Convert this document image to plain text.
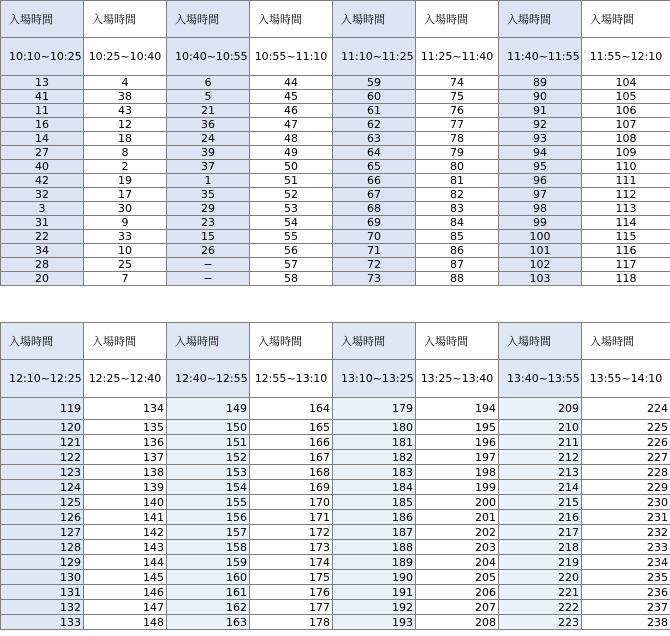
入場時間	入場時間	入場時間	入場時間	入場時間	入場時間	入場時間	入場時間
10:10~10:25	10:25~10:40	10:40~10:55	10:55~11:10	11:10~11:25	11:25~11:40	11:40~11:55	11:55~12:10
13	4	6	44	59	74	89	104
41	38	5	45	60	75	90	105
11	43	21	46	61	76	91	106
16	12	36	47	62	77	92	107
14	18	24	48	63	78	93	108
27	8	39	49	64	79	94	109
40	2	37	50	65	80	95	110
42	19	1	51	66	81	96	111
32	17	35	52	67	82	97	112
3	30	29	53	68	83	98	113
31	9	23	54	69	84	99	114
22	33	15	55	70	85	100	115
34	10	26	56	71	86	101	116
28	25	−	57	72	87	102	117
20	7	−	58	73	88	103	118
入場時間	入場時間	入場時間	入場時間	入場時間	入場時間	入場時間	入場時間
12:10~12:25	12:25~12:40	12:40~12:55	12:55~13:10	13:10~13:25	13:25~13:40	13:40~13:55	13:55~14:10
119	134	149	164	179	194	209	224
120	135	150	165	180	195	210	225
121	136	151	166	181	196	211	226
122	137	152	167	182	197	212	227
123	138	153	168	183	198	213	228
124	139	154	169	184	199	214	229
125	140	155	170	185	200	215	230
126	141	156	171	186	201	216	231
127	142	157	172	187	202	217	232
128	143	158	173	188	203	218	233
129	144	159	174	189	204	219	234
130	145	160	175	190	205	220	235
131	146	161	176	191	206	221	236
132	147	162	177	192	207	222	237
133	148	163	178	193	208	223	238
